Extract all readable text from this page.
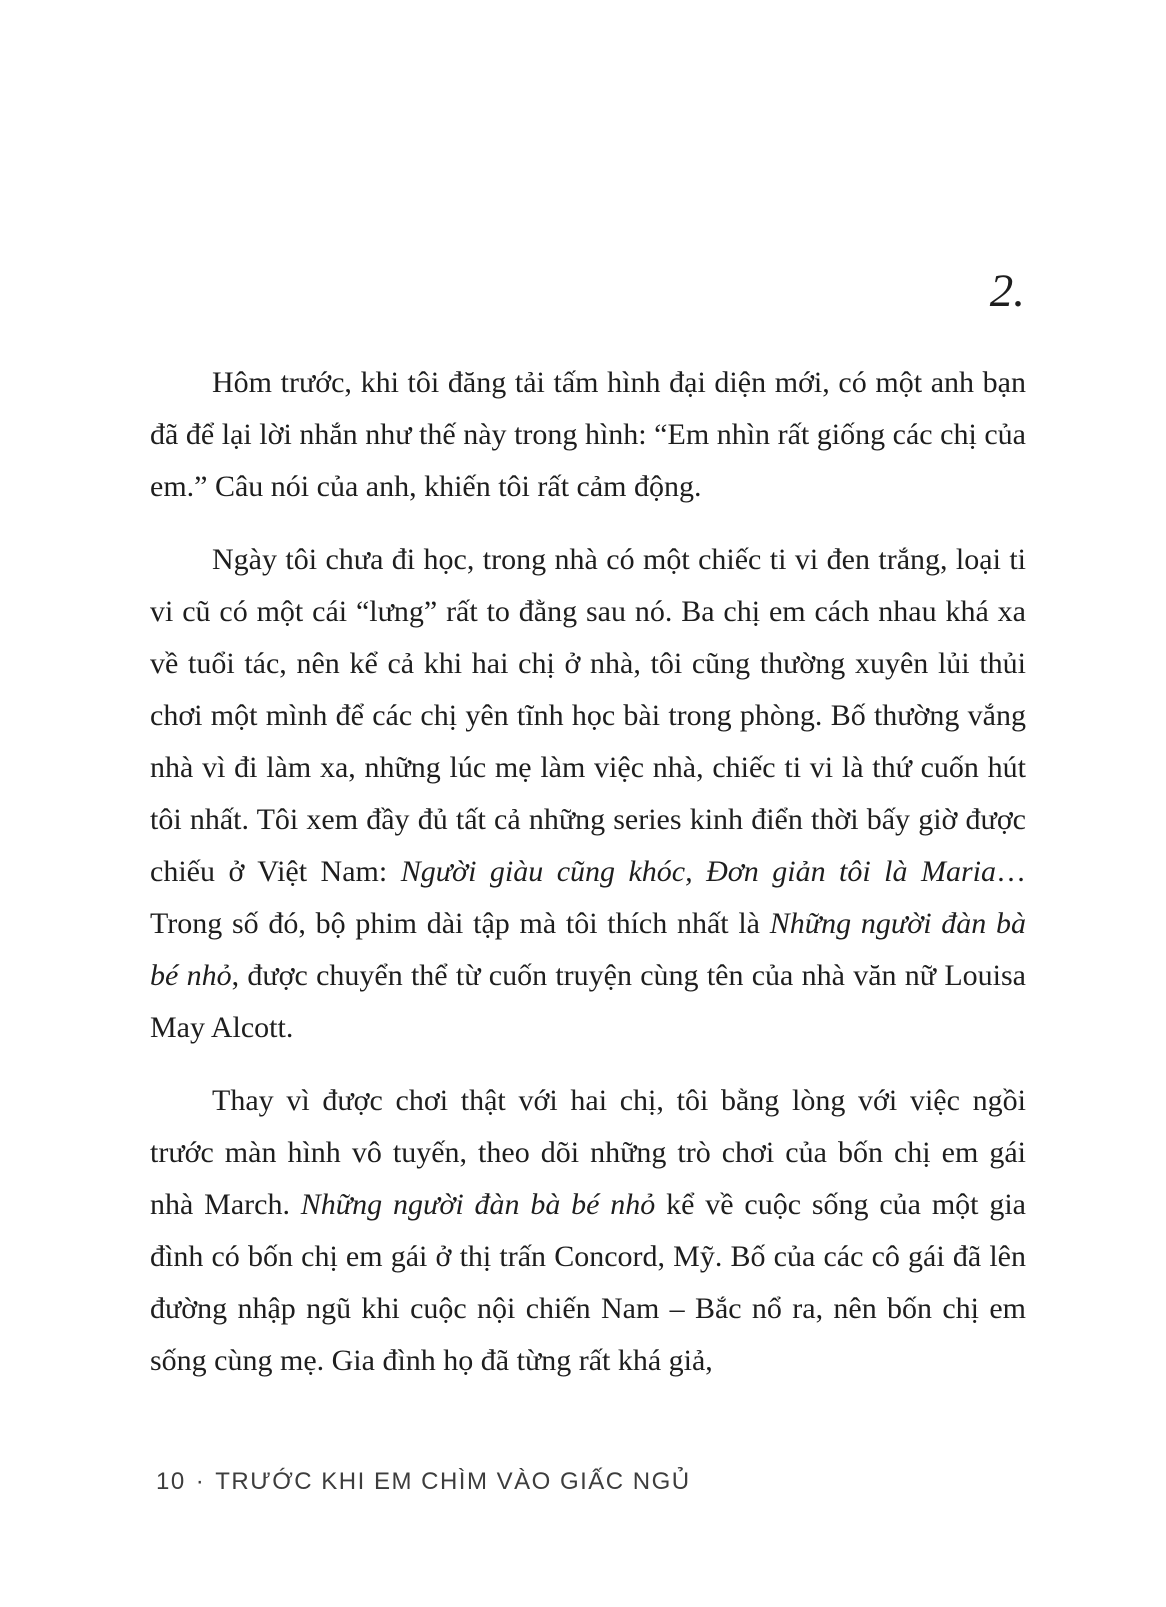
2.

Hôm trước, khi tôi đăng tải tấm hình đại diện mới, có một anh bạn đã để lại lời nhắn như thế này trong hình: “Em nhìn rất giống các chị của em.” Câu nói của anh, khiến tôi rất cảm động.

Ngày tôi chưa đi học, trong nhà có một chiếc ti vi đen trắng, loại ti vi cũ có một cái “lưng” rất to đằng sau nó. Ba chị em cách nhau khá xa về tuổi tác, nên kể cả khi hai chị ở nhà, tôi cũng thường xuyên lủi thủi chơi một mình để các chị yên tĩnh học bài trong phòng. Bố thường vắng nhà vì đi làm xa, những lúc mẹ làm việc nhà, chiếc ti vi là thứ cuốn hút tôi nhất. Tôi xem đầy đủ tất cả những series kinh điển thời bấy giờ được chiếu ở Việt Nam: Người giàu cũng khóc, Đơn giản tôi là Maria… Trong số đó, bộ phim dài tập mà tôi thích nhất là Những người đàn bà bé nhỏ, được chuyển thể từ cuốn truyện cùng tên của nhà văn nữ Louisa May Alcott.

Thay vì được chơi thật với hai chị, tôi bằng lòng với việc ngồi trước màn hình vô tuyến, theo dõi những trò chơi của bốn chị em gái nhà March. Những người đàn bà bé nhỏ kể về cuộc sống của một gia đình có bốn chị em gái ở thị trấn Concord, Mỹ. Bố của các cô gái đã lên đường nhập ngũ khi cuộc nội chiến Nam – Bắc nổ ra, nên bốn chị em sống cùng mẹ. Gia đình họ đã từng rất khá giả,

10 · TRƯỚC KHI EM CHÌM VÀO GIẤC NGỦ
